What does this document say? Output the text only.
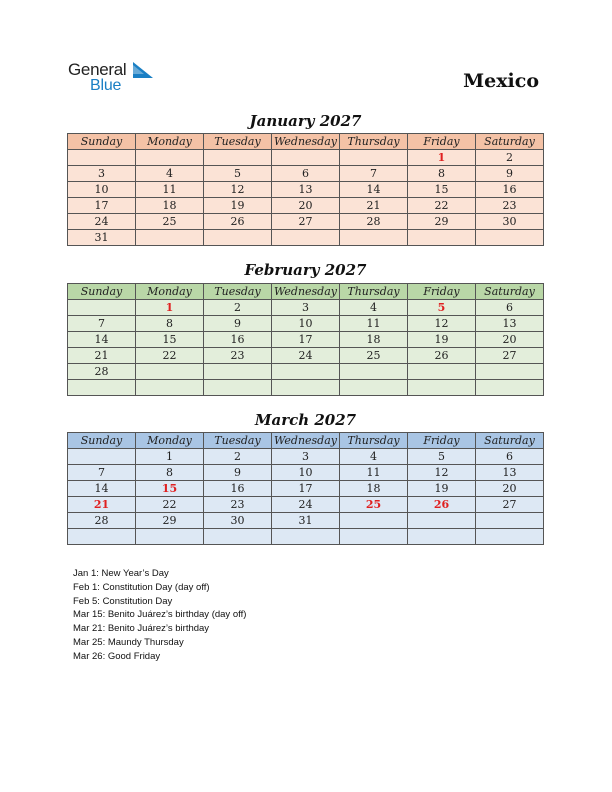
General
Blue	Mexico
January 2027
Sunday	Monday	Tuesday	Wednesday	Thursday	Friday	Saturday
					1	2
3	4	5	6	7	8	9
10	11	12	13	14	15	16
17	18	19	20	21	22	23
24	25	26	27	28	29	30
31						
February 2027
Sunday	Monday	Tuesday	Wednesday	Thursday	Friday	Saturday
	1	2	3	4	5	6
7	8	9	10	11	12	13
14	15	16	17	18	19	20
21	22	23	24	25	26	27
28						

March 2027
Sunday	Monday	Tuesday	Wednesday	Thursday	Friday	Saturday
	1	2	3	4	5	6
7	8	9	10	11	12	13
14	15	16	17	18	19	20
21	22	23	24	25	26	27
28	29	30	31			

Jan 1: New Year’s Day
Feb 1: Constitution Day (day off)
Feb 5: Constitution Day
Mar 15: Benito Juárez’s birthday (day off)
Mar 21: Benito Juárez’s birthday
Mar 25: Maundy Thursday
Mar 26: Good Friday
